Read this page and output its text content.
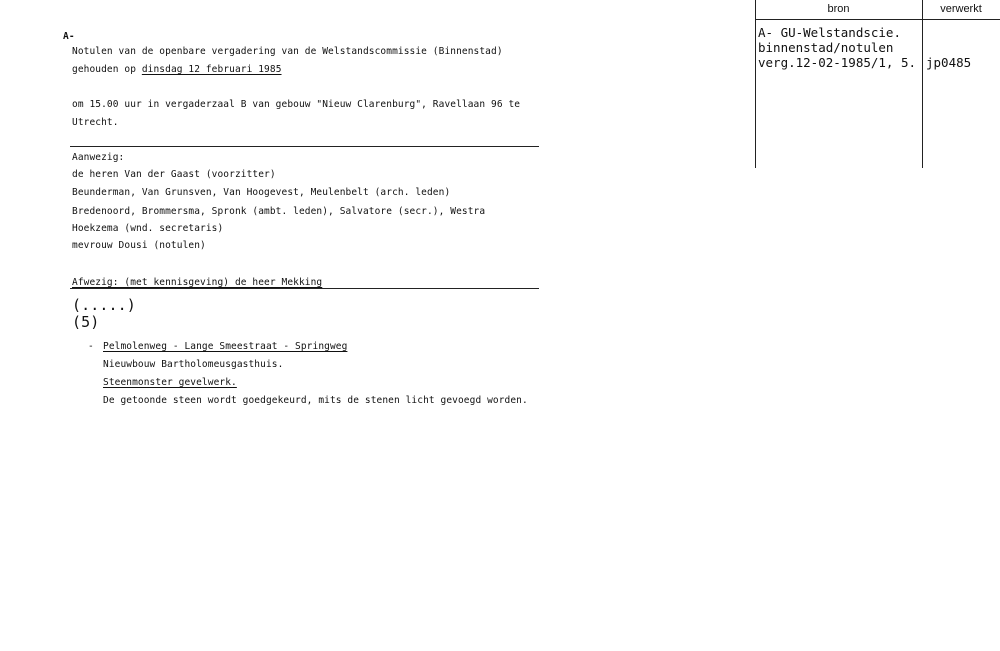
A-
Notulen van de openbare vergadering van de Welstandscommissie (Binnenstad)
gehouden op dinsdag 12 februari 1985
om 15.00 uur in vergaderzaal B van gebouw "Nieuw Clarenburg", Ravellaan 96 te
Utrecht.
Aanwezig:
de heren Van der Gaast (voorzitter)
Beunderman, Van Grunsven, Van Hoogevest, Meulenbelt (arch. leden)
Bredenoord, Brommersma, Spronk (ambt. leden), Salvatore (secr.), Westra
Hoekzema (wnd. secretaris)
mevrouw Dousi (notulen)
Afwezig: (met kennisgeving) de heer Mekking
(.....)
(5)
- Pelmolenweg - Lange Smeestraat - Springweg
Nieuwbouw Bartholomeusgasthuis.
Steenmonster gevelwerk.
De getoonde steen wordt goedgekeurd, mits de stenen licht gevoegd worden.
bron	verwerkt
A- GU-Welstandscie.
binnenstad/notulen
verg.12-02-1985/1, 5. jp0485
